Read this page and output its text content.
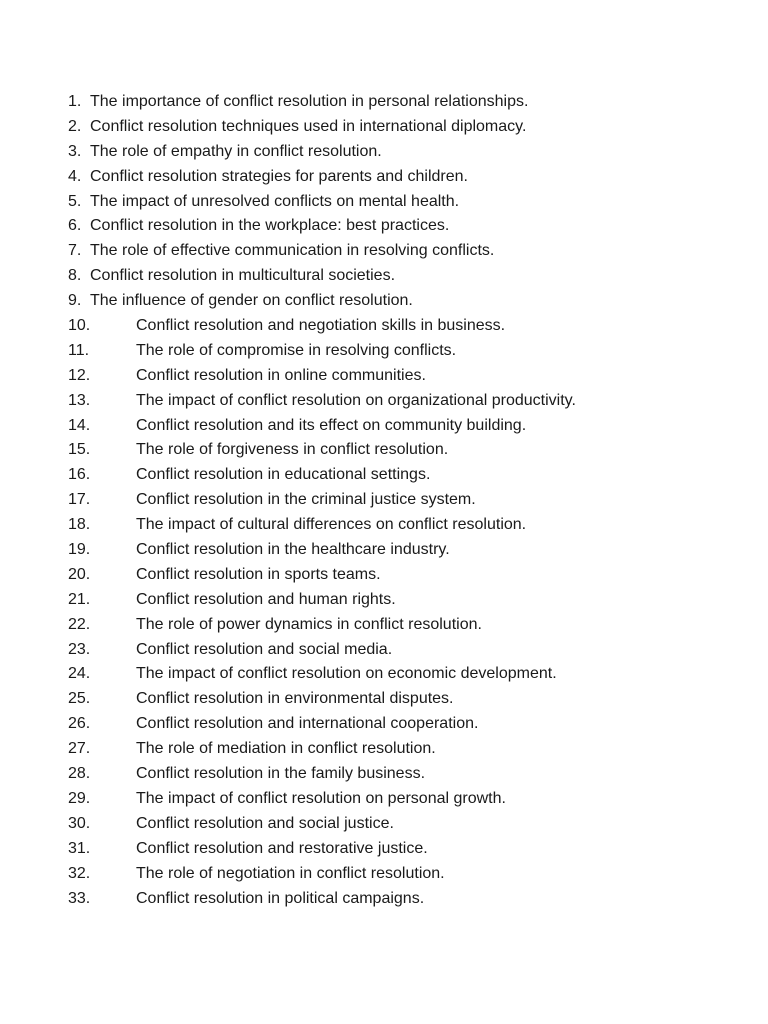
1. The importance of conflict resolution in personal relationships.
2. Conflict resolution techniques used in international diplomacy.
3. The role of empathy in conflict resolution.
4. Conflict resolution strategies for parents and children.
5. The impact of unresolved conflicts on mental health.
6. Conflict resolution in the workplace: best practices.
7. The role of effective communication in resolving conflicts.
8. Conflict resolution in multicultural societies.
9. The influence of gender on conflict resolution.
10.	Conflict resolution and negotiation skills in business.
11.	The role of compromise in resolving conflicts.
12.	Conflict resolution in online communities.
13.	The impact of conflict resolution on organizational productivity.
14.	Conflict resolution and its effect on community building.
15.	The role of forgiveness in conflict resolution.
16.	Conflict resolution in educational settings.
17.	Conflict resolution in the criminal justice system.
18.	The impact of cultural differences on conflict resolution.
19.	Conflict resolution in the healthcare industry.
20.	Conflict resolution in sports teams.
21.	Conflict resolution and human rights.
22.	The role of power dynamics in conflict resolution.
23.	Conflict resolution and social media.
24.	The impact of conflict resolution on economic development.
25.	Conflict resolution in environmental disputes.
26.	Conflict resolution and international cooperation.
27.	The role of mediation in conflict resolution.
28.	Conflict resolution in the family business.
29.	The impact of conflict resolution on personal growth.
30.	Conflict resolution and social justice.
31.	Conflict resolution and restorative justice.
32.	The role of negotiation in conflict resolution.
33.	Conflict resolution in political campaigns.
